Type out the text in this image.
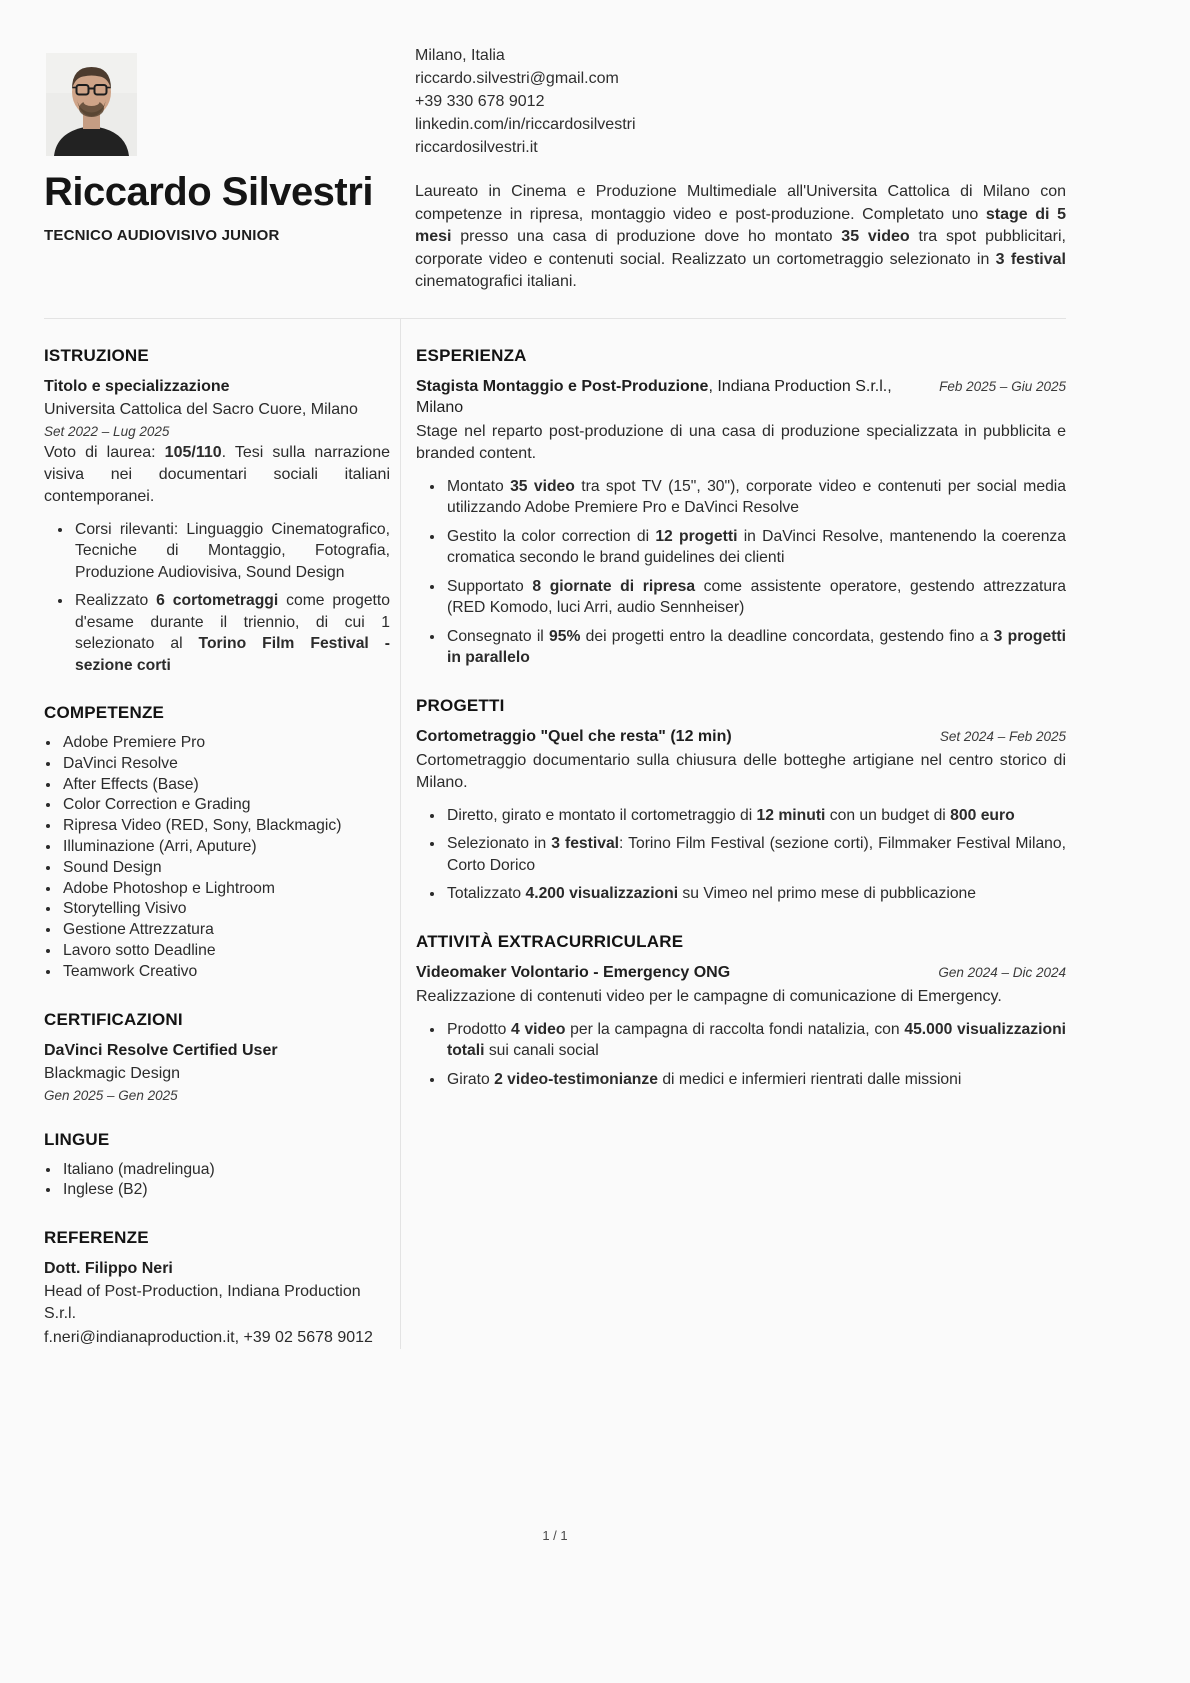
Riccardo Silvestri
TECNICO AUDIOVISIVO JUNIOR
Milano, Italia
riccardo.silvestri@gmail.com
+39 330 678 9012
linkedin.com/in/riccardosilvestri
riccardosilvestri.it
Laureato in Cinema e Produzione Multimediale all'Universita Cattolica di Milano con competenze in ripresa, montaggio video e post-produzione. Completato uno stage di 5 mesi presso una casa di produzione dove ho montato 35 video tra spot pubblicitari, corporate video e contenuti social. Realizzato un cortometraggio selezionato in 3 festival cinematografici italiani.
ISTRUZIONE
Titolo e specializzazione
Universita Cattolica del Sacro Cuore, Milano
Set 2022 – Lug 2025
Voto di laurea: 105/110. Tesi sulla narrazione visiva nei documentari sociali italiani contemporanei.
• Corsi rilevanti: Linguaggio Cinematografico, Tecniche di Montaggio, Fotografia, Produzione Audiovisiva, Sound Design
• Realizzato 6 cortometraggi come progetto d'esame durante il triennio, di cui 1 selezionato al Torino Film Festival - sezione corti
COMPETENZE
• Adobe Premiere Pro
• DaVinci Resolve
• After Effects (Base)
• Color Correction e Grading
• Ripresa Video (RED, Sony, Blackmagic)
• Illuminazione (Arri, Aputure)
• Sound Design
• Adobe Photoshop e Lightroom
• Storytelling Visivo
• Gestione Attrezzatura
• Lavoro sotto Deadline
• Teamwork Creativo
CERTIFICAZIONI
DaVinci Resolve Certified User
Blackmagic Design
Gen 2025 – Gen 2025
LINGUE
• Italiano (madrelingua)
• Inglese (B2)
REFERENZE
Dott. Filippo Neri
Head of Post-Production, Indiana Production S.r.l.
f.neri@indianaproduction.it, +39 02 5678 9012
ESPERIENZA
Stagista Montaggio e Post-Produzione, Indiana Production S.r.l., Milano
Feb 2025 – Giu 2025
Stage nel reparto post-produzione di una casa di produzione specializzata in pubblicita e branded content.
• Montato 35 video tra spot TV (15", 30"), corporate video e contenuti per social media utilizzando Adobe Premiere Pro e DaVinci Resolve
• Gestito la color correction di 12 progetti in DaVinci Resolve, mantenendo la coerenza cromatica secondo le brand guidelines dei clienti
• Supportato 8 giornate di ripresa come assistente operatore, gestendo attrezzatura (RED Komodo, luci Arri, audio Sennheiser)
• Consegnato il 95% dei progetti entro la deadline concordata, gestendo fino a 3 progetti in parallelo
PROGETTI
Cortometraggio "Quel che resta" (12 min)	Set 2024 – Feb 2025
Cortometraggio documentario sulla chiusura delle botteghe artigiane nel centro storico di Milano.
• Diretto, girato e montato il cortometraggio di 12 minuti con un budget di 800 euro
• Selezionato in 3 festival: Torino Film Festival (sezione corti), Filmmaker Festival Milano, Corto Dorico
• Totalizzato 4.200 visualizzazioni su Vimeo nel primo mese di pubblicazione
ATTIVITÀ EXTRACURRICULARE
Videomaker Volontario - Emergency ONG	Gen 2024 – Dic 2024
Realizzazione di contenuti video per le campagne di comunicazione di Emergency.
• Prodotto 4 video per la campagna di raccolta fondi natalizia, con 45.000 visualizzazioni totali sui canali social
• Girato 2 video-testimonianze di medici e infermieri rientrati dalle missioni
1 / 1
